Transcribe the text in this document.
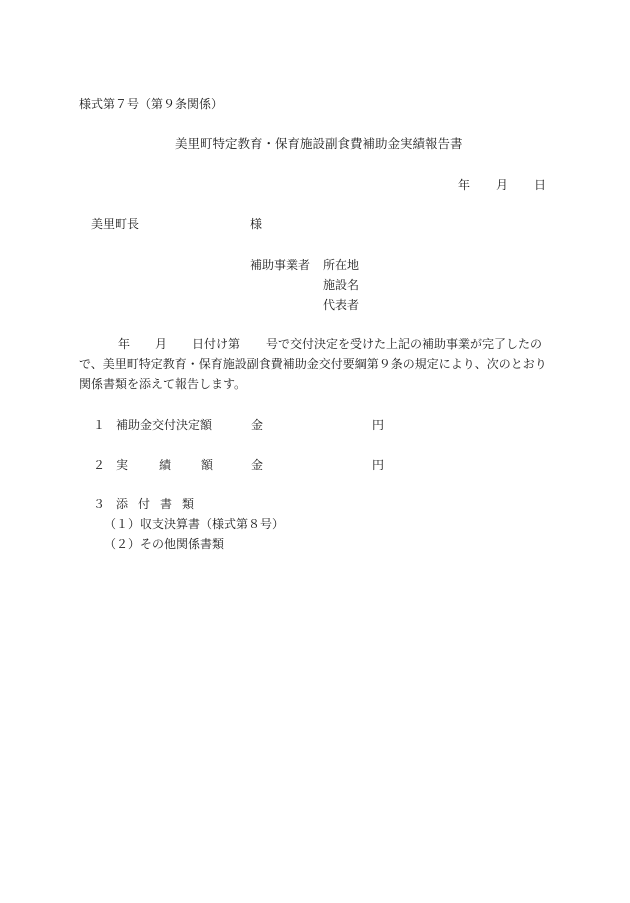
様式第７号（第９条関係）
美里町特定教育・保育施設副食費補助金実績報告書
年 月 日
美里町長	様
補助事業者 所在地
施設名
代表者
年 月 日付け第 号で交付決定を受けた上記の補助事業が完了したの
で、美里町特定教育・保育施設副食費補助金交付要綱第９条の規定により、次のとおり
関係書類を添えて報告します。
１ 補助金交付決定額	金	円
２ 実	績 額	金	円
３ 添 付 書 類
（１）収支決算書（様式第８号）
（２）その他関係書類
